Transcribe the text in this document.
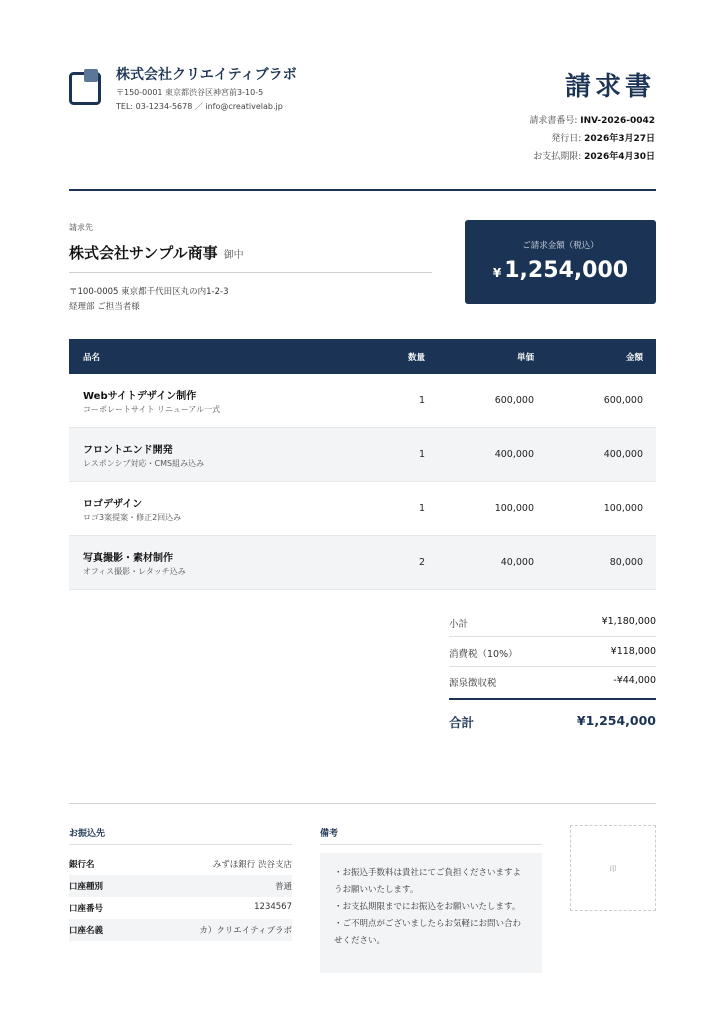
株式会社クリエイティブラボ
〒150-0001 東京都渋谷区神宮前3-10-5
TEL: 03-1234-5678 ／ info@creativelab.jp
請求書
請求書番号: INV-2026-0042
発行日: 2026年3月27日
お支払期限: 2026年4月30日
請求先
株式会社サンプル商事 御中
〒100-0005 東京都千代田区丸の内1-2-3
経理部 ご担当者様
ご請求金額（税込）
¥ 1,254,000
品名	数量	単価	金額
Webサイトデザイン制作
コーポレートサイト リニューアル一式
1	600,000	600,000
フロントエンド開発
レスポンシブ対応・CMS組み込み
1	400,000	400,000
ロゴデザイン
ロゴ3案提案・修正2回込み
1	100,000	100,000
写真撮影・素材制作
オフィス撮影・レタッチ込み
2	40,000	80,000
小計	¥1,180,000
消費税（10%）	¥118,000
源泉徴収税	-¥44,000
合計	¥1,254,000
お振込先
銀行名	みずほ銀行 渋谷支店
口座種別	普通
口座番号	1234567
口座名義	カ）クリエイティブラボ
備考

・お振込手数料は貴社にてご負担くださいますようお願いいたします。

・お支払期限までにお振込をお願いいたします。

・ご不明点がございましたらお気軽にお問い合わせください。

印
